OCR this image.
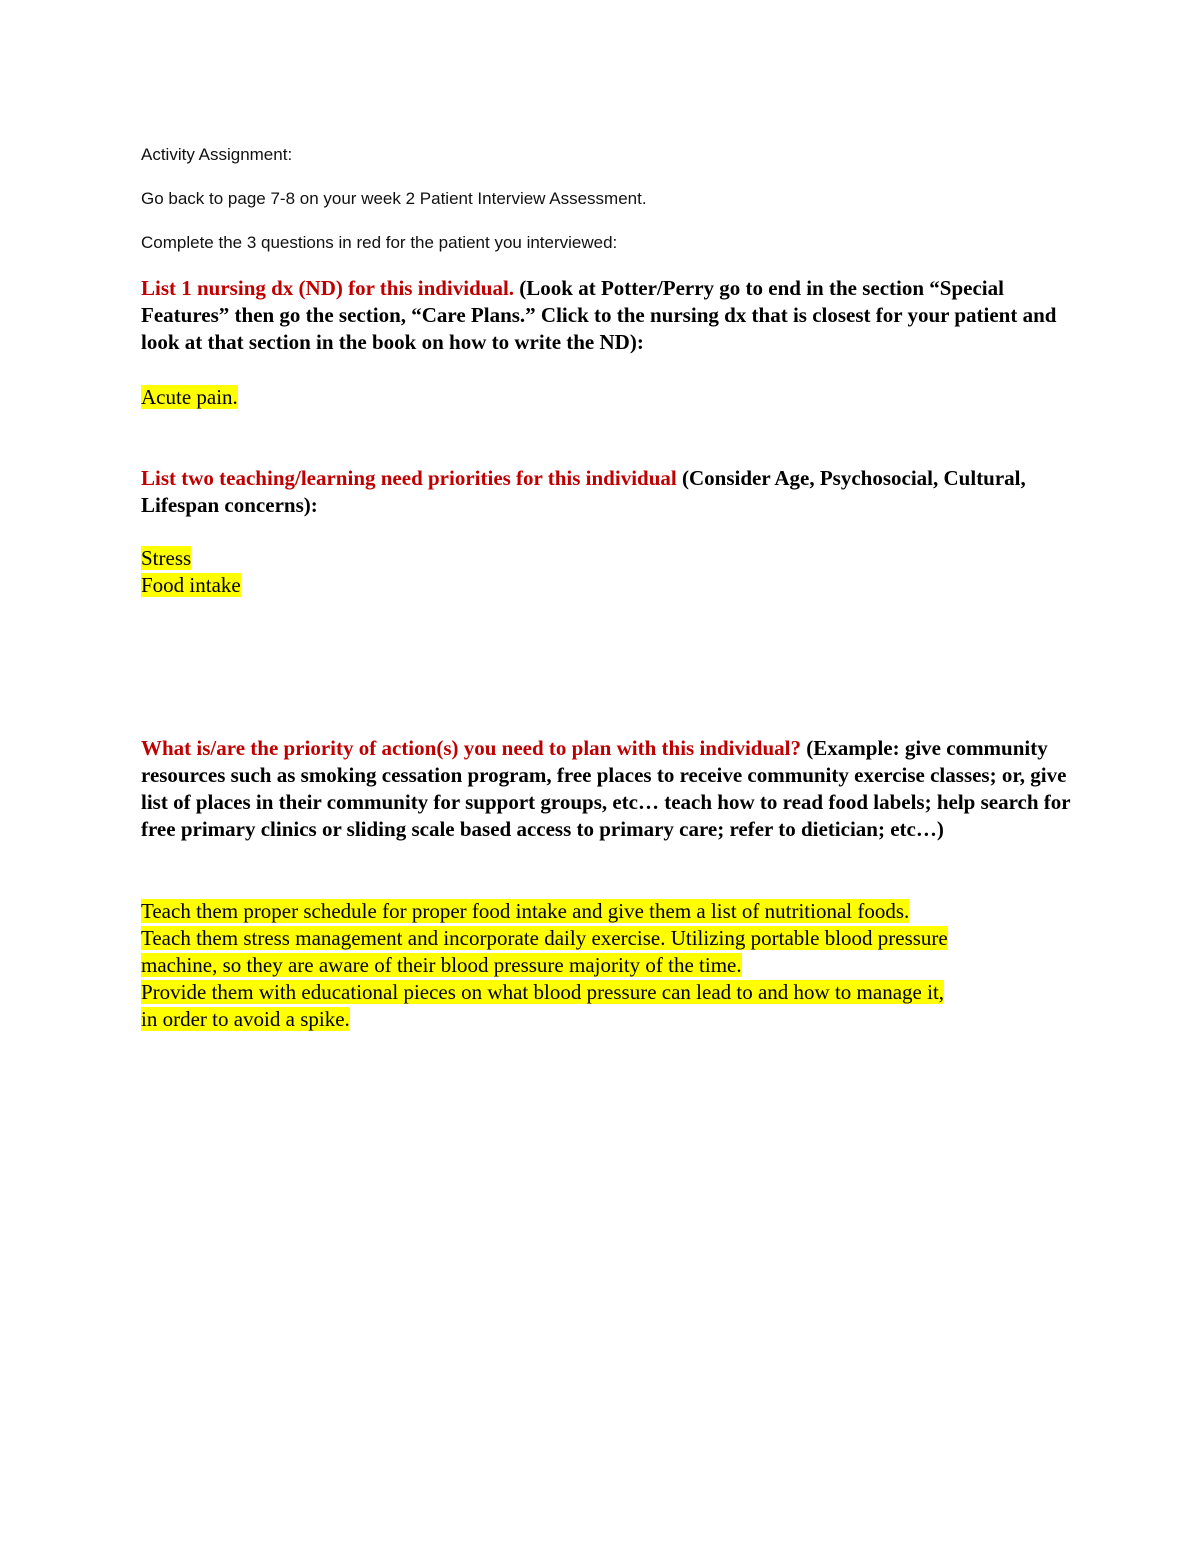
Activity Assignment:

Go back to page 7-8 on your week 2 Patient Interview Assessment.

Complete the 3 questions in red for the patient you interviewed:

List 1 nursing dx (ND) for this individual. (Look at Potter/Perry go to end in the section “Special Features” then go the section, “Care Plans.” Click to the nursing dx that is closest for your patient and look at that section in the book on how to write the ND):

Acute pain.

List two teaching/learning need priorities for this individual (Consider Age, Psychosocial, Cultural, Lifespan concerns):

Stress
Food intake

What is/are the priority of action(s) you need to plan with this individual? (Example: give community resources such as smoking cessation program, free places to receive community exercise classes; or, give list of places in their community for support groups, etc… teach how to read food labels; help search for free primary clinics or sliding scale based access to primary care; refer to dietician; etc…)

Teach them proper schedule for proper food intake and give them a list of nutritional foods.
Teach them stress management and incorporate daily exercise. Utilizing portable blood pressure
machine, so they are aware of their blood pressure majority of the time.
Provide them with educational pieces on what blood pressure can lead to and how to manage it,
in order to avoid a spike.
